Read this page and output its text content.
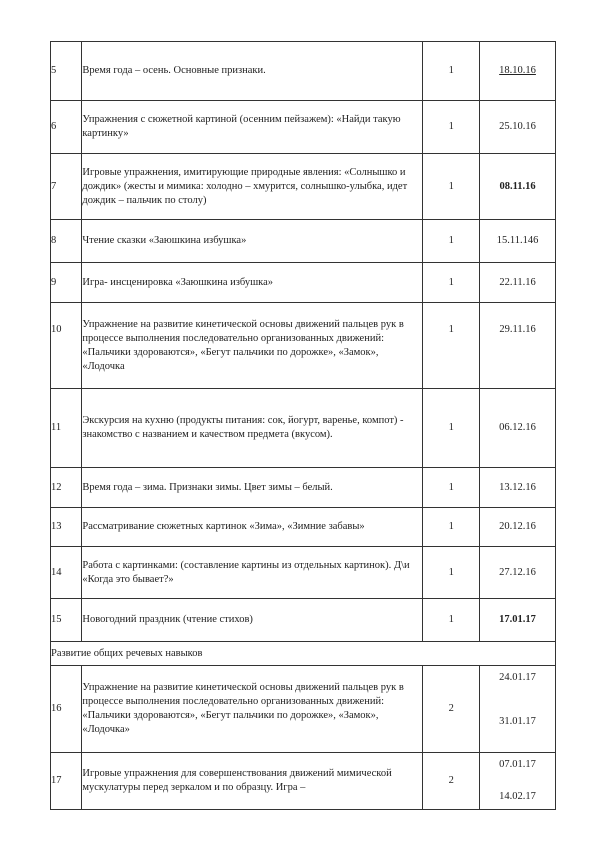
5	Время года – осень. Основные признаки.	1	18.10.16
6	Упражнения с сюжетной картиной (осенним пейзажем): «Найди такую картинку»	1	25.10.16
7	Игровые упражнения, имитирующие природные явления: «Солнышко и дождик» (жесты и мимика: холодно – хмурится, солнышко-улыбка, идет дождик – пальчик по столу)	1	08.11.16
8	Чтение сказки «Заюшкина избушка»	1	15.11.146
9	Игра- инсценировка «Заюшкина избушка»	1	22.11.16
10	Упражнение на развитие кинетической основы движений пальцев рук в процессе выполнения последовательно организованных движений: «Пальчики здороваются», «Бегут пальчики по дорожке», «Замок», «Лодочка	1	29.11.16
11	Экскурсия на кухню (продукты питания: сок, йогурт, варенье, компот) - знакомство с названием и качеством предмета (вкусом).	1	06.12.16
12	Время года – зима. Признаки зимы. Цвет зимы – белый.	1	13.12.16
13	Рассматривание сюжетных картинок «Зима», «Зимние забавы»	1	20.12.16
14	Работа с картинками: (составление картины из отдельных картинок). Д\и «Когда это бывает?»	1	27.12.16
15	Новогодний праздник (чтение стихов)	1	17.01.17
Развитие общих речевых навыков			
16	Упражнение на развитие кинетической основы движений пальцев рук в процессе выполнения последовательно организованных движений: «Пальчики здороваются», «Бегут пальчики по дорожке», «Замок», «Лодочка»	2	24.01.17
31.01.17

17	Игровые упражнения для совершенствования движений мимической мускулатуры перед зеркалом и по образцу. Игра –	2	07.01.17
14.02.17
